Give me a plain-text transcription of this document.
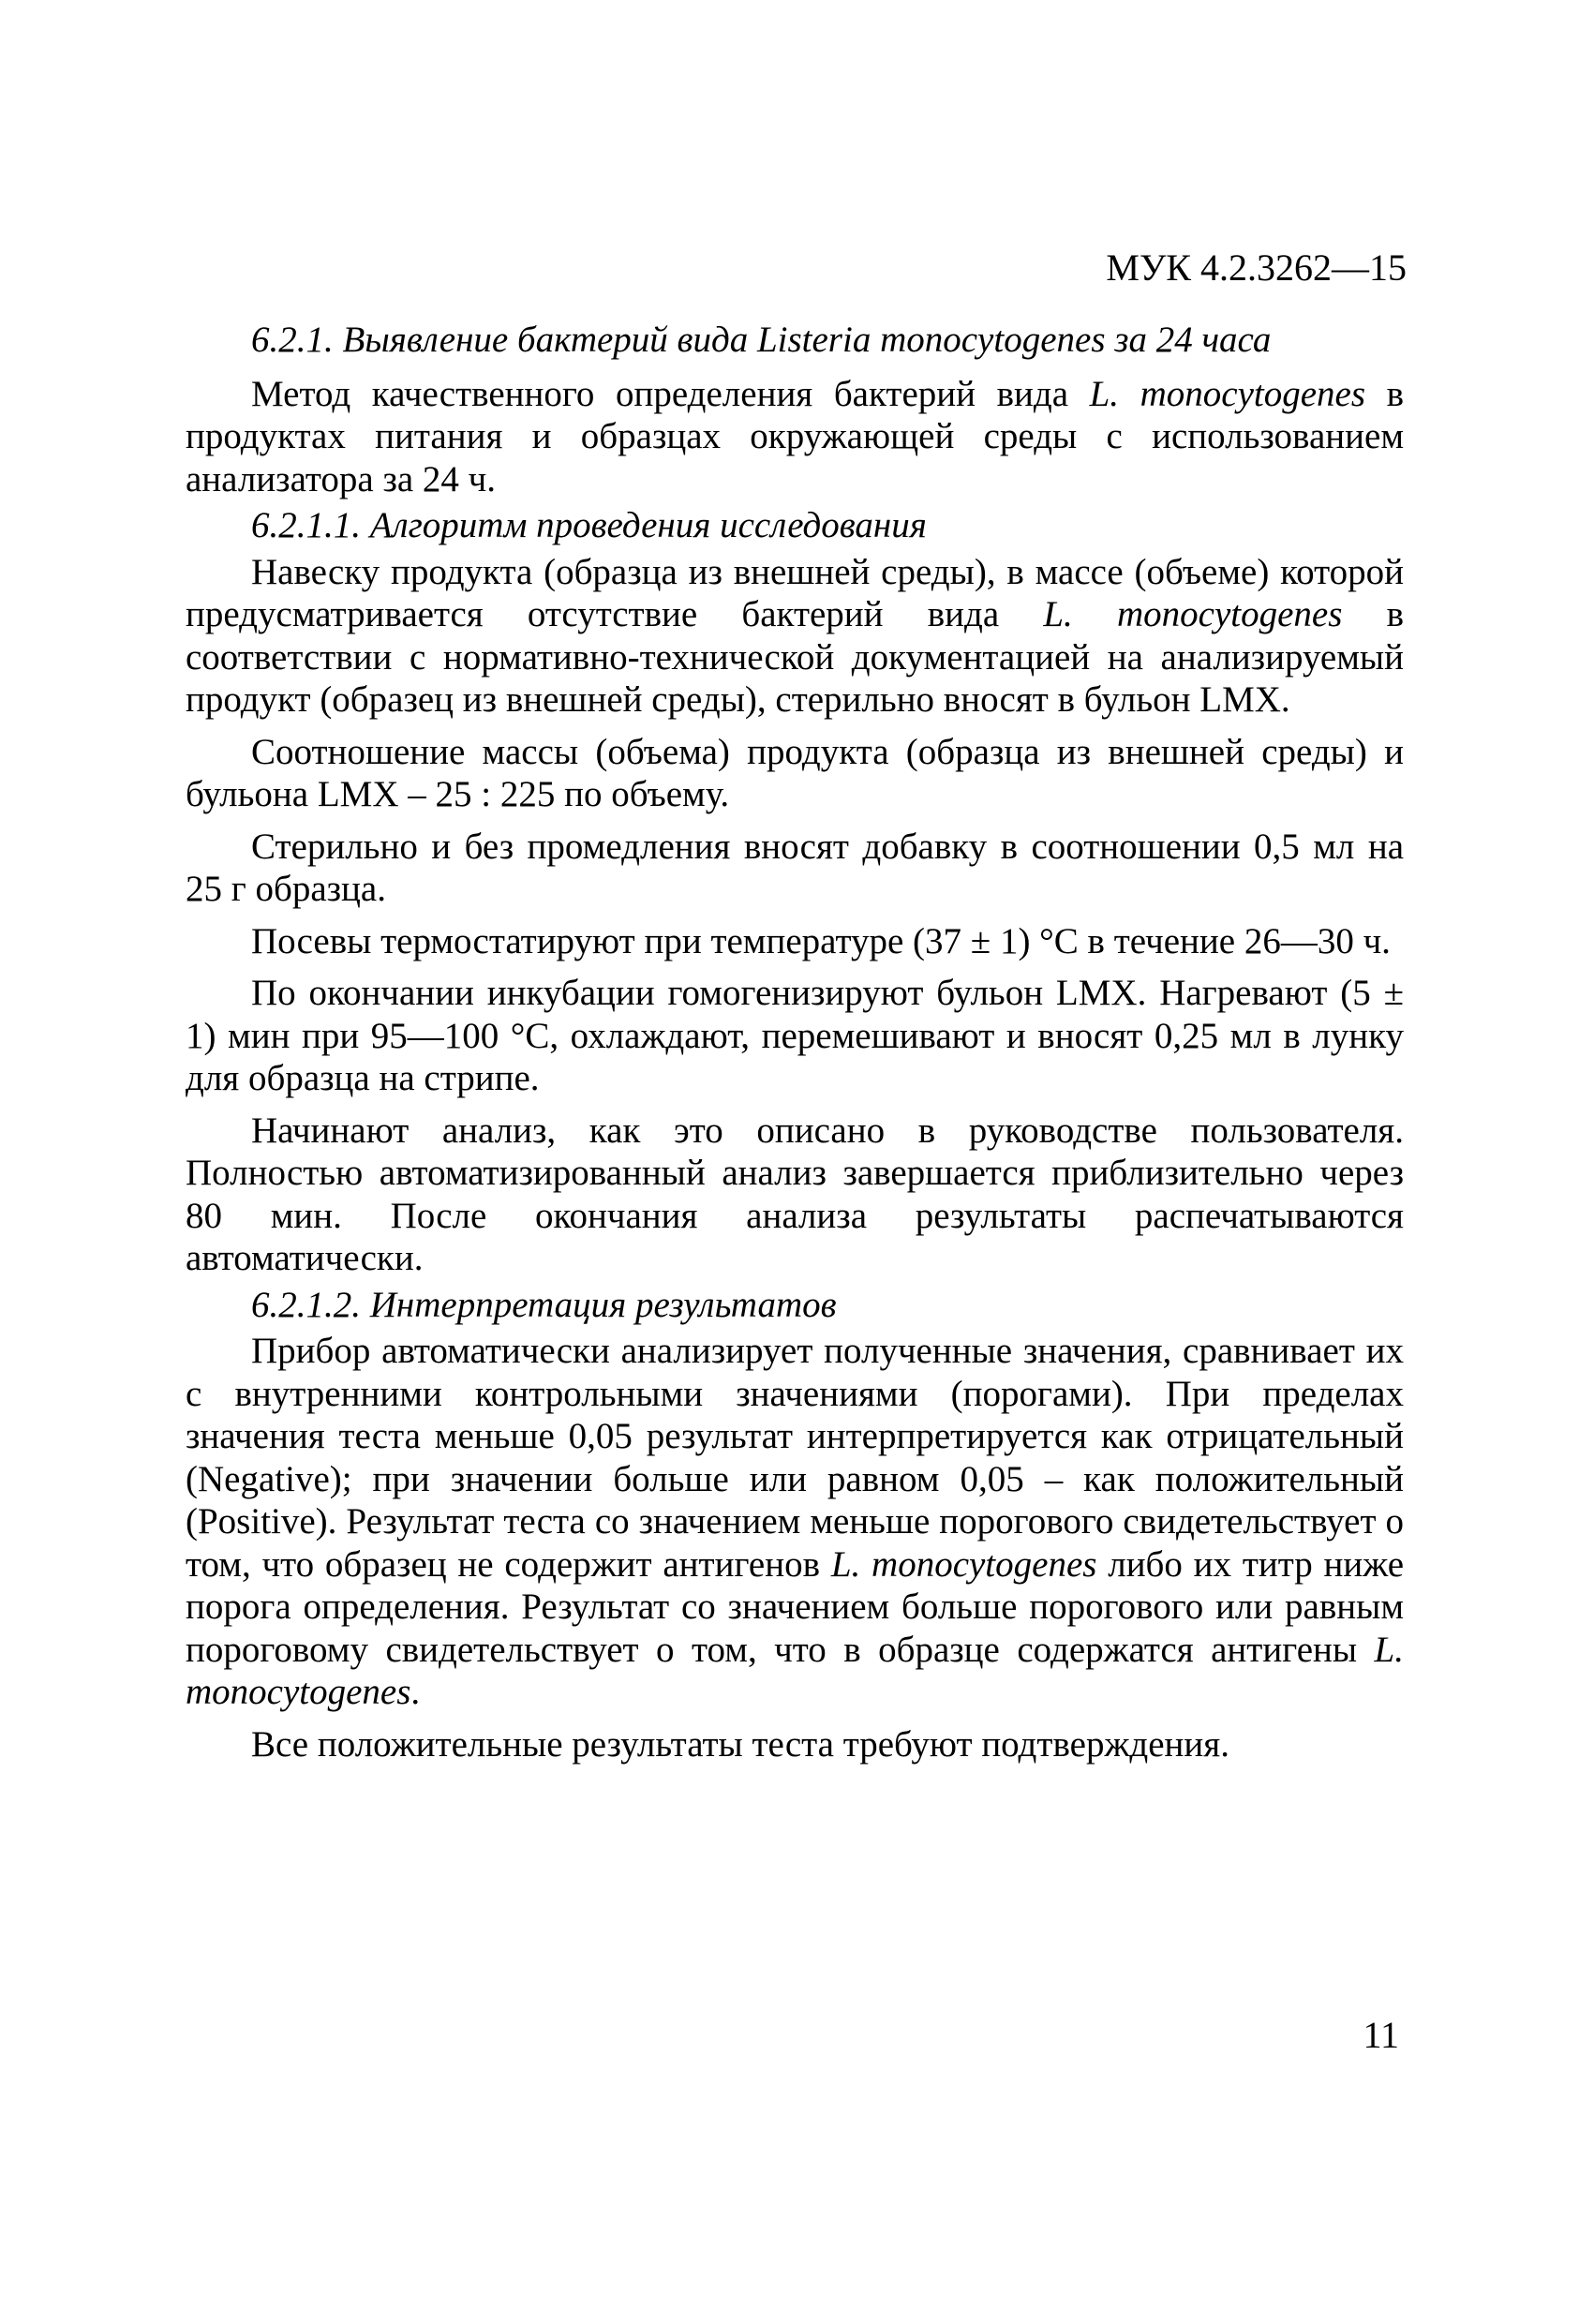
МУК 4.2.3262—15

6.2.1. Выявление бактерий вида Listeria monocytogenes за 24 часа

Метод качественного определения бактерий вида L. monocytogenes в продуктах питания и образцах окружающей среды с использованием анализатора за 24 ч.

6.2.1.1. Алгоритм проведения исследования

Навеску продукта (образца из внешней среды), в массе (объеме) которой предусматривается отсутствие бактерий вида L. monocytogenes в соответствии с нормативно-технической документацией на анализируемый продукт (образец из внешней среды), стерильно вносят в бульон LMX.

Соотношение массы (объема) продукта (образца из внешней среды) и бульона LMX – 25 : 225 по объему.

Стерильно и без промедления вносят добавку в соотношении 0,5 мл на 25 г образца.

Посевы термостатируют при температуре (37 ± 1) °С в течение 26—30 ч.

По окончании инкубации гомогенизируют бульон LMX. Нагревают (5 ± 1) мин при 95—100 °С, охлаждают, перемешивают и вносят 0,25 мл в лунку для образца на стрипе.

Начинают анализ, как это описано в руководстве пользователя. Полностью автоматизированный анализ завершается приблизительно через 80 мин. После окончания анализа результаты распечатываются автоматически.

6.2.1.2. Интерпретация результатов

Прибор автоматически анализирует полученные значения, сравнивает их с внутренними контрольными значениями (порогами). При пределах значения теста меньше 0,05 результат интерпретируется как отрицательный (Negative); при значении больше или равном 0,05 – как положительный (Positive). Результат теста со значением меньше порогового свидетельствует о том, что образец не содержит антигенов L. monocytogenes либо их титр ниже порога определения. Результат со значением больше порогового или равным пороговому свидетельствует о том, что в образце содержатся антигены L. monocytogenes.

Все положительные результаты теста требуют подтверждения.

11
